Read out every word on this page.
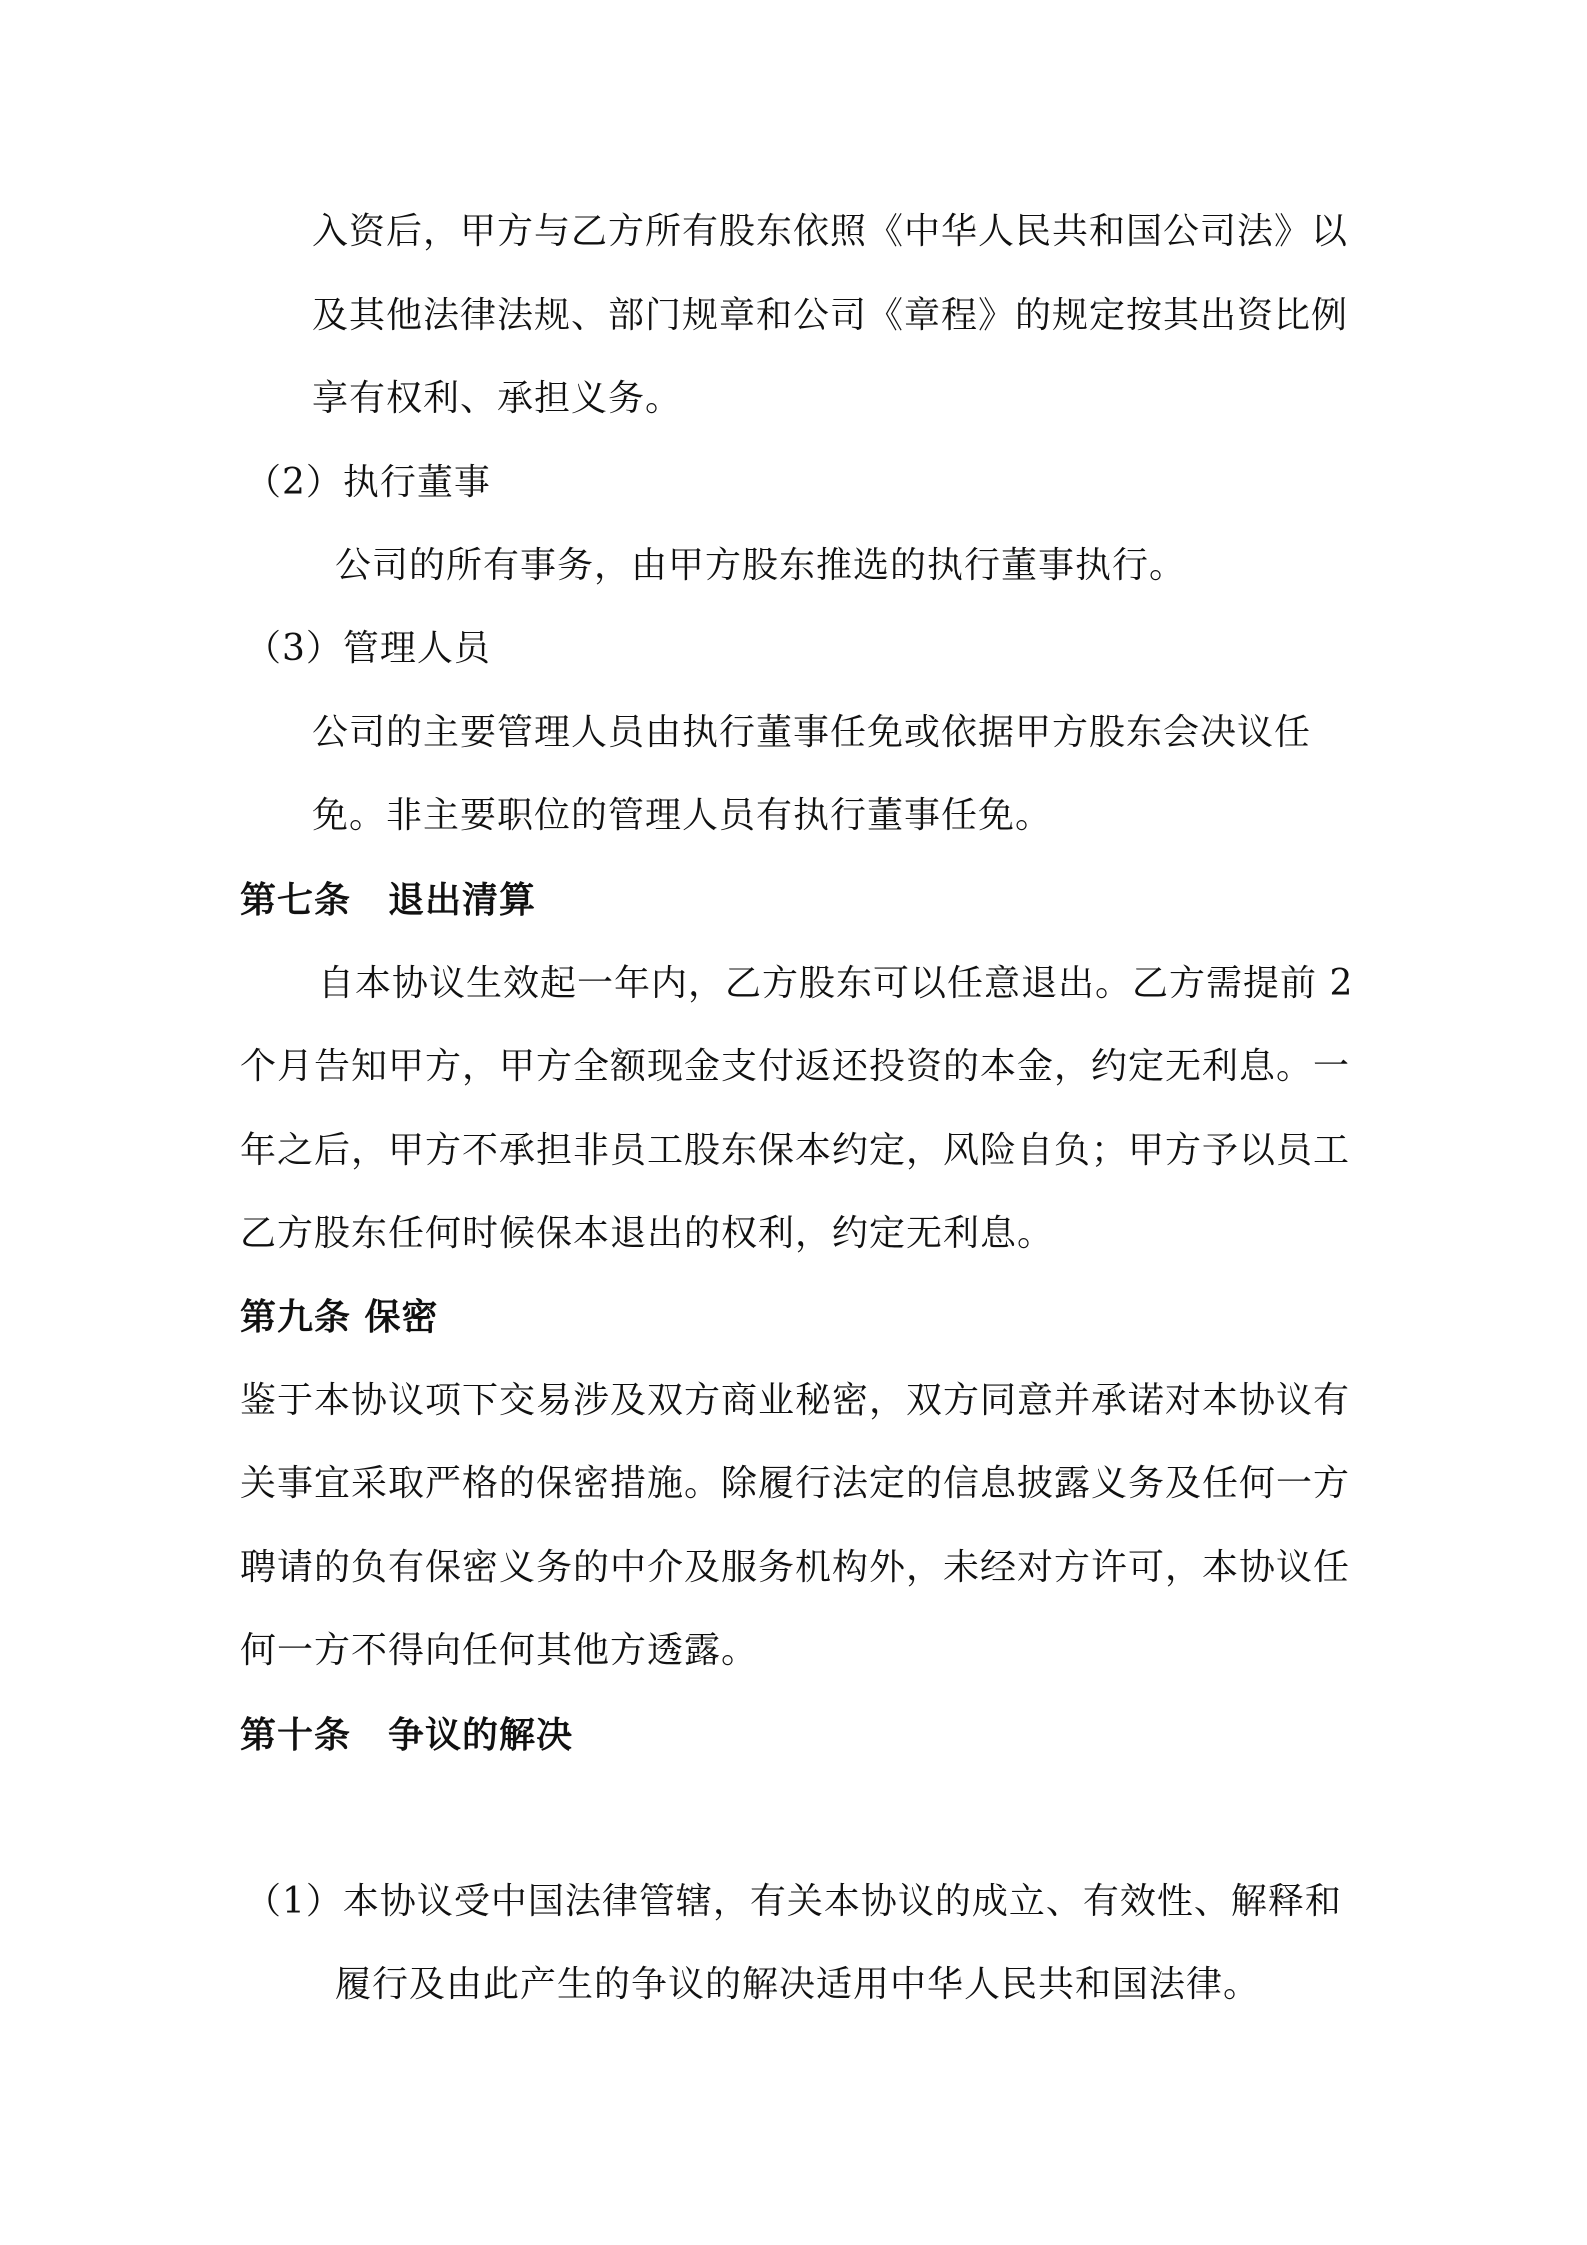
入资后，甲方与乙方所有股东依照《中华人民共和国公司法》以
及其他法律法规、部门规章和公司《章程》的规定按其出资比例
享有权利、承担义务。
（2）执行董事
公司的所有事务，由甲方股东推选的执行董事执行。
（3）管理人员
公司的主要管理人员由执行董事任免或依据甲方股东会决议任
免。非主要职位的管理人员有执行董事任免。
第七条　退出清算
自本协议生效起一年内，乙方股东可以任意退出。乙方需提前 2
个月告知甲方，甲方全额现金支付返还投资的本金，约定无利息。一
年之后，甲方不承担非员工股东保本约定，风险自负；甲方予以员工
乙方股东任何时候保本退出的权利，约定无利息。
第九条 保密
鉴于本协议项下交易涉及双方商业秘密，双方同意并承诺对本协议有
关事宜采取严格的保密措施。除履行法定的信息披露义务及任何一方
聘请的负有保密义务的中介及服务机构外，未经对方许可，本协议任
何一方不得向任何其他方透露。
第十条　争议的解决
（1）本协议受中国法律管辖，有关本协议的成立、有效性、解释和
履行及由此产生的争议的解决适用中华人民共和国法律。
